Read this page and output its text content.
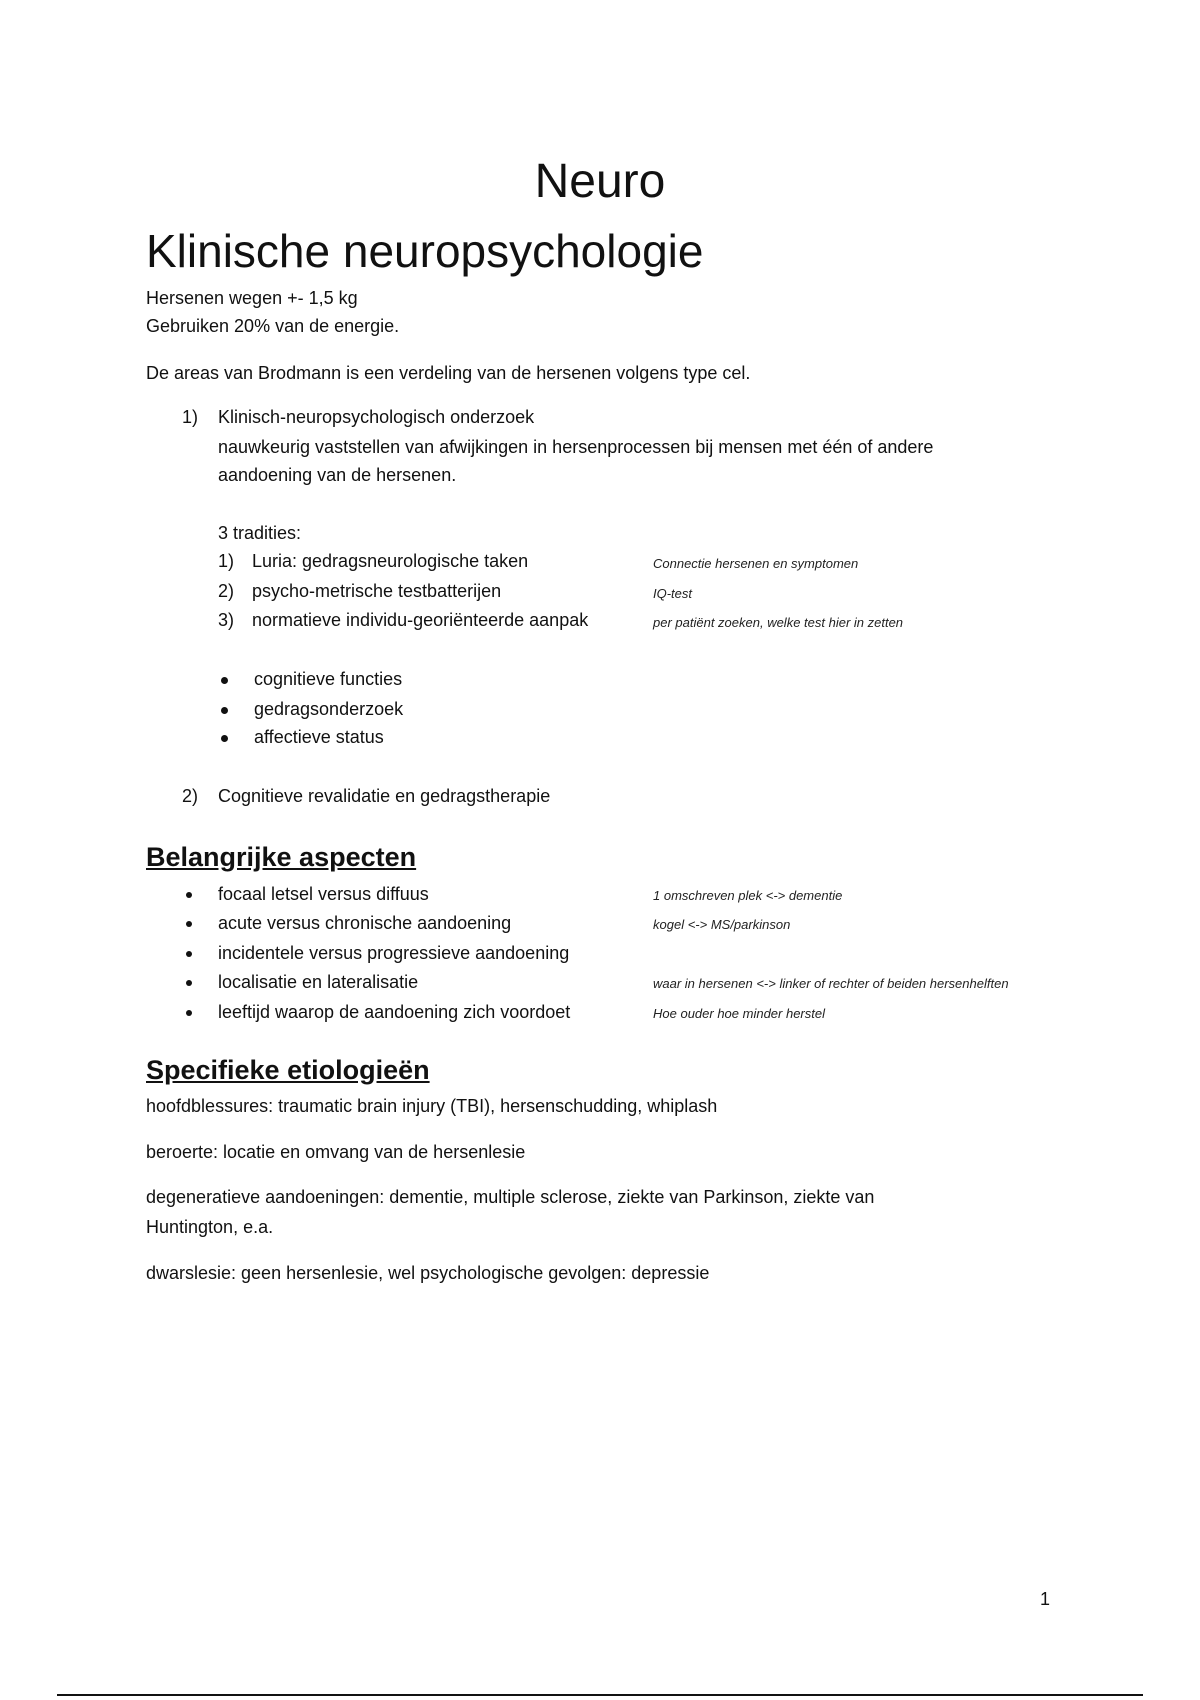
Neuro
Klinische neuropsychologie
Hersenen wegen +- 1,5 kg
Gebruiken 20% van de energie.
De areas van Brodmann is een verdeling van de hersenen volgens type cel.
1) Klinisch-neuropsychologisch onderzoek
nauwkeurig vaststellen van afwijkingen in hersenprocessen bij mensen met één of andere
aandoening van de hersenen.
3 tradities:
1) Luria: gedragsneurologische taken	Connectie hersenen en symptomen
2) psycho-metrische testbatterijen	IQ-test
3) normatieve individu-georiënteerde aanpak	per patiënt zoeken, welke test hier in zetten
cognitieve functies
gedragsonderzoek
affectieve status
2) Cognitieve revalidatie en gedragstherapie
Belangrijke aspecten
focaal letsel versus diffuus	1 omschreven plek <-> dementie
acute versus chronische aandoening	kogel <-> MS/parkinson
incidentele versus progressieve aandoening
localisatie en lateralisatie	waar in hersenen <-> linker of rechter of beiden hersenhelften
leeftijd waarop de aandoening zich voordoet	Hoe ouder hoe minder herstel
Specifieke etiologieën
hoofdblessures: traumatic brain injury (TBI), hersenschudding, whiplash
beroerte: locatie en omvang van de hersenlesie
degeneratieve aandoeningen: dementie, multiple sclerose, ziekte van Parkinson, ziekte van
Huntington, e.a.
dwarslesie: geen hersenlesie, wel psychologische gevolgen: depressie
1
